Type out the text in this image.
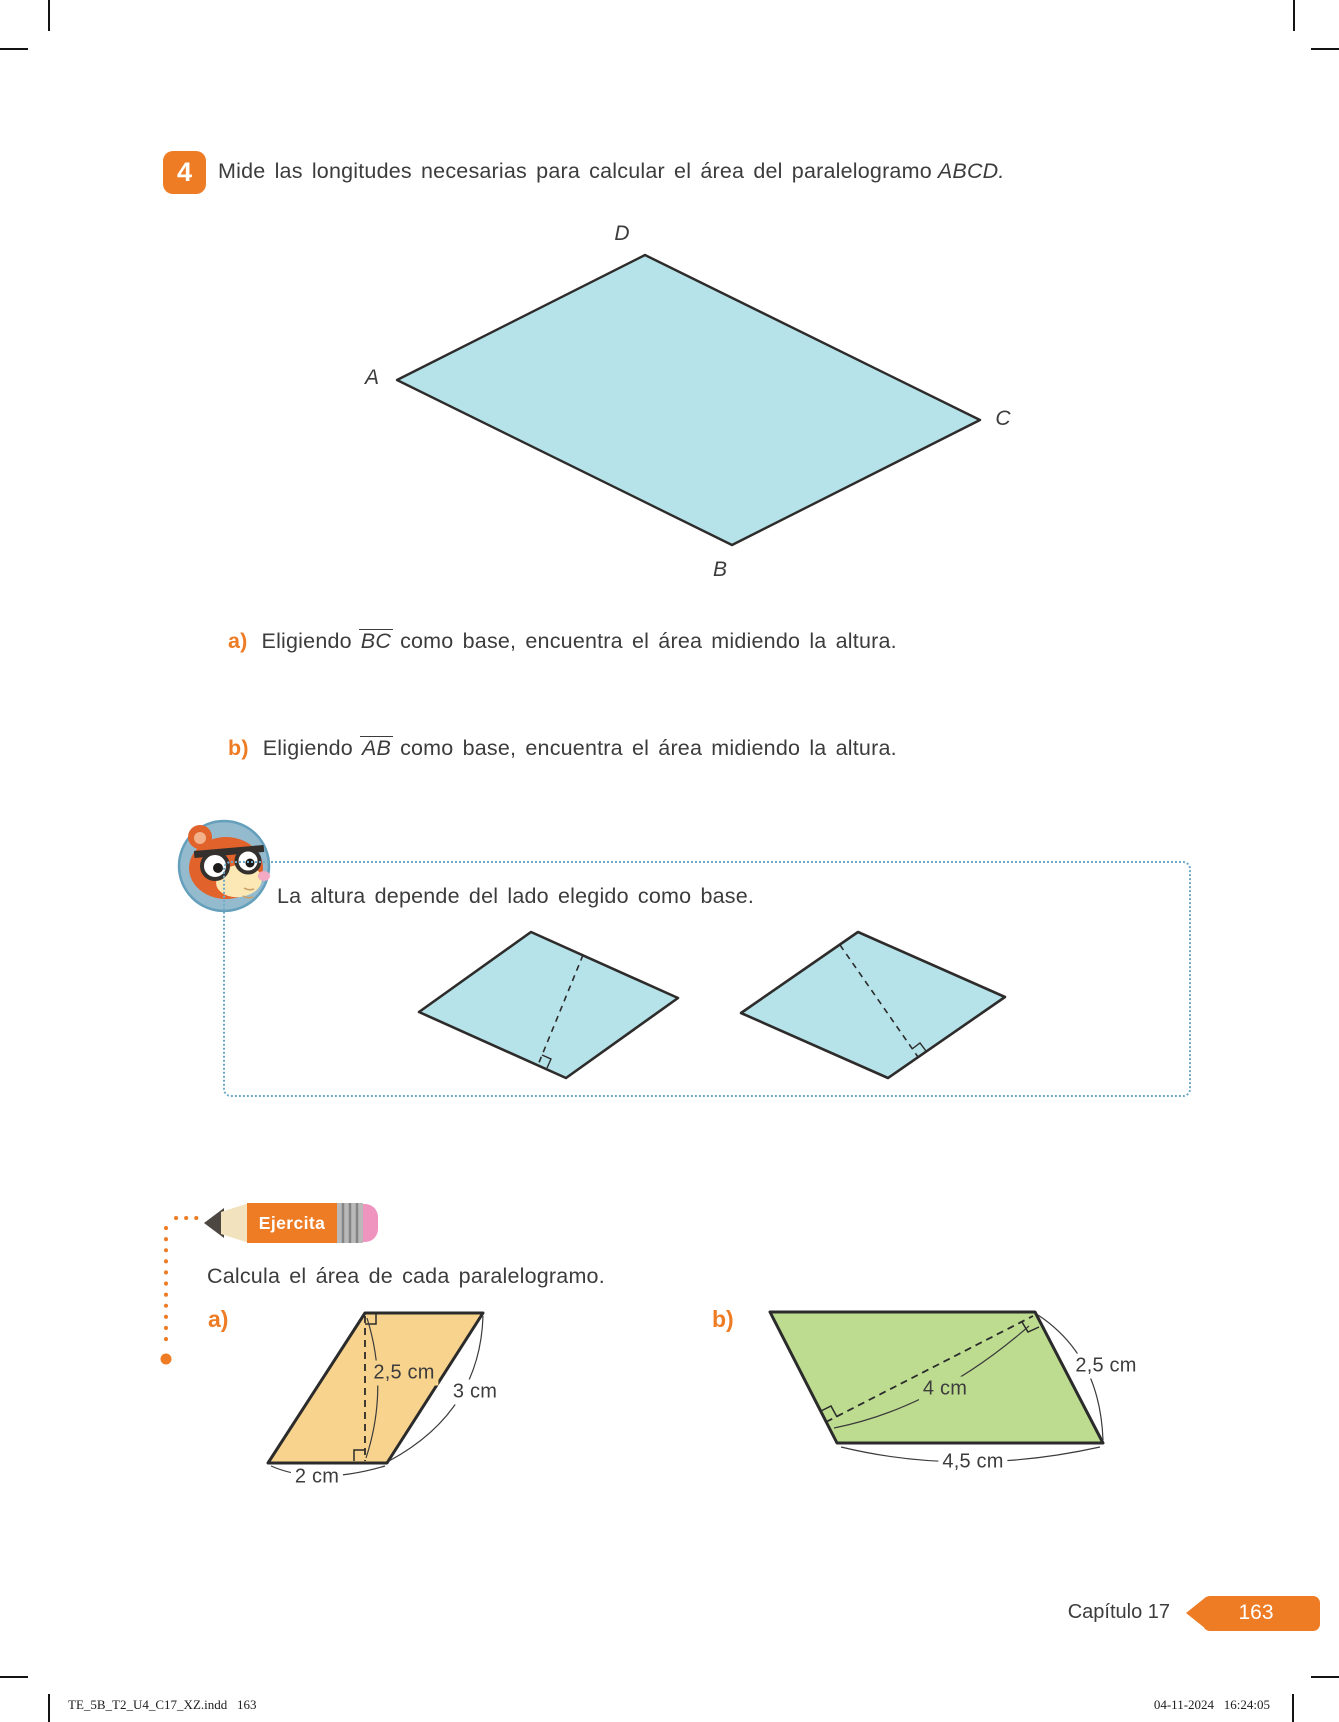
4 Mide las longitudes necesarias para calcular el área del paralelogramo ABCD.
D
A
C
B
a) Eligiendo BC como base, encuentra el área midiendo la altura.
b) Eligiendo AB como base, encuentra el área midiendo la altura.
La altura depende del lado elegido como base.
Ejercita
Calcula el área de cada paralelogramo.
a)
2,5 cm
3 cm
2 cm
b)
4 cm
2,5 cm
4,5 cm
Capítulo 17	163
TE_5B_T2_U4_C17_XZ.indd   163	04-11-2024   16:24:05
